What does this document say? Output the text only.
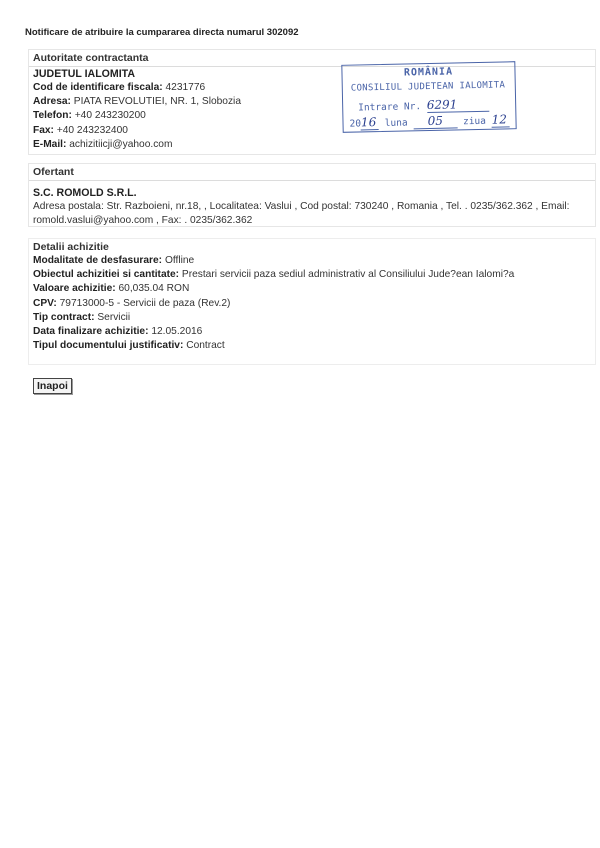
Notificare de atribuire la cumpararea directa numarul 302092
Autoritate contractanta
JUDETUL IALOMITA
Cod de identificare fiscala: 4231776
Adresa: PIATA REVOLUTIEI, NR. 1, Slobozia
Telefon: +40 243230200
Fax: +40 243232400
E-Mail: achizitiicji@yahoo.com
ROMÂNIA
CONSILIUL JUDETEAN IALOMITA
Intrare Nr. 6291
2016 luna 05 ziua 12
Ofertant
S.C. ROMOLD S.R.L.
Adresa postala: Str. Razboieni, nr.18, , Localitatea: Vaslui , Cod postal: 730240 , Romania , Tel. . 0235/362.362 , Email: romold.vaslui@yahoo.com , Fax: . 0235/362.362
Detalii achizitie
Modalitate de desfasurare: Offline
Obiectul achizitiei si cantitate: Prestari servicii paza sediul administrativ al Consiliului Jude?ean Ialomi?a
Valoare achizitie: 60,035.04 RON
CPV: 79713000-5 - Servicii de paza (Rev.2)
Tip contract: Servicii
Data finalizare achizitie: 12.05.2016
Tipul documentului justificativ: Contract
Inapoi
